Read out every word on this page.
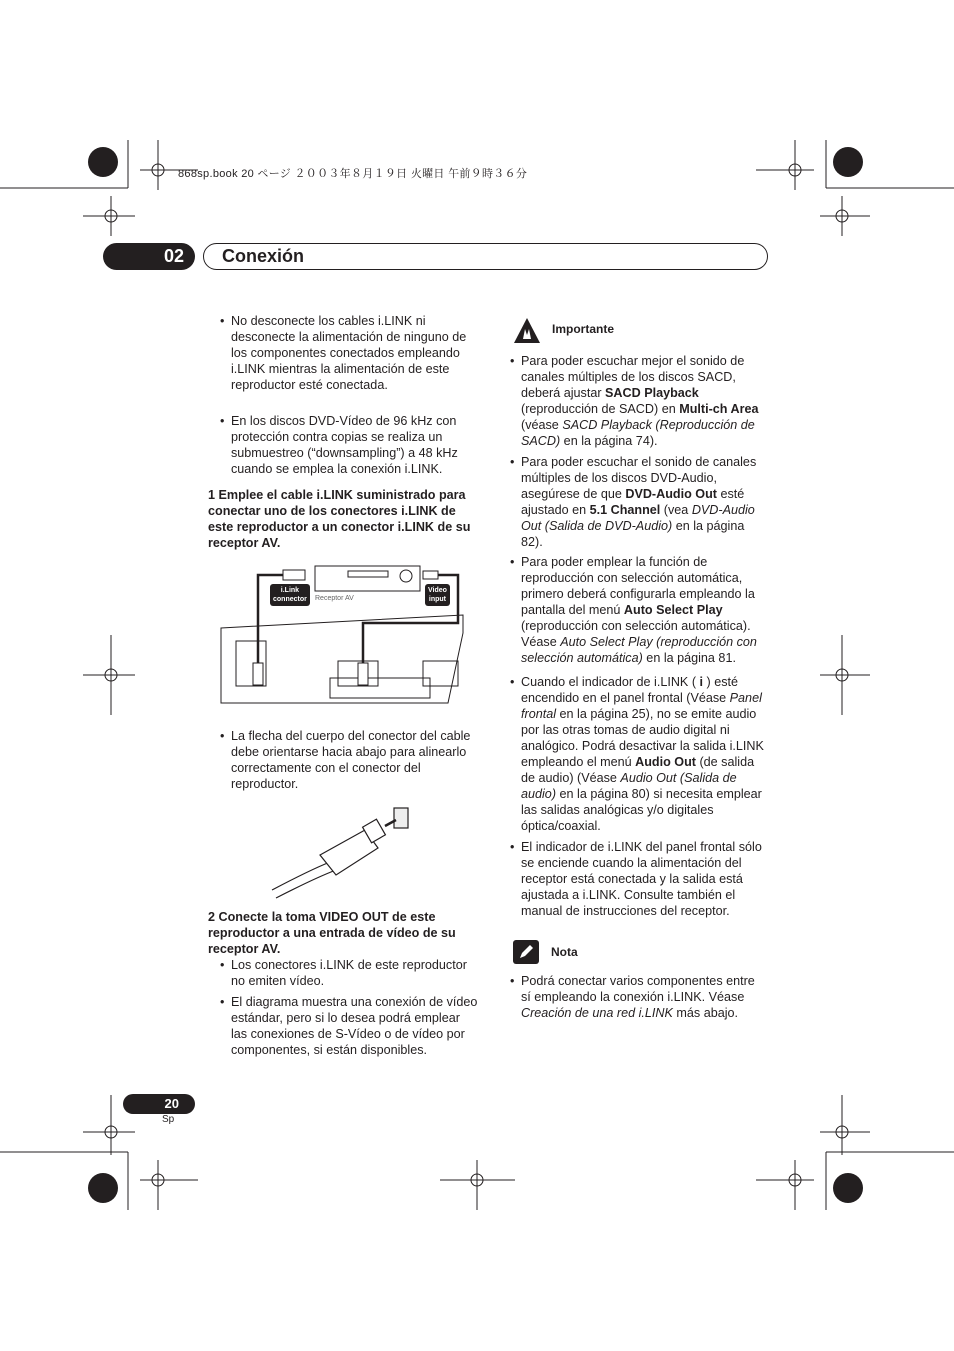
868sp.book 20 ページ ２００３年８月１９日 火曜日 午前９時３６分
02	Conexión
• No desconecte los cables i.LINK ni desconecte la alimentación de ninguno de los componentes conectados empleando i.LINK mientras la alimentación de este reproductor esté conectada.
• En los discos DVD-Vídeo de 96 kHz con protección contra copias se realiza un submuestreo (“downsampling”) a 48 kHz cuando se emplea la conexión i.LINK.
1 Emplee el cable i.LINK suministrado para conectar uno de los conectores i.LINK de este reproductor a un conector i.LINK de su receptor AV.
i.Link
connector Receptor AV
Video
input
• La flecha del cuerpo del conector del cable debe orientarse hacia abajo para alinearlo correctamente con el conector del reproductor.
2 Conecte la toma VIDEO OUT de este reproductor a una entrada de vídeo de su receptor AV.
• Los conectores i.LINK de este reproductor no emiten vídeo.
• El diagrama muestra una conexión de vídeo estándar, pero si lo desea podrá emplear las conexiones de S-Vídeo o de vídeo por componentes, si están disponibles.
Importante
• Para poder escuchar mejor el sonido de canales múltiples de los discos SACD, deberá ajustar SACD Playback (reproducción de SACD) en Multi-ch Area (véase SACD Playback (Reproducción de SACD) en la página 74).
• Para poder escuchar el sonido de canales múltiples de los discos DVD-Audio, asegúrese de que DVD-Audio Out esté ajustado en 5.1 Channel (vea DVD-Audio Out (Salida de DVD-Audio) en la página 82).
• Para poder emplear la función de reproducción con selección automática, primero deberá configurarla empleando la pantalla del menú Auto Select Play (reproducción con selección automática). Véase Auto Select Play (reproducción con selección automática) en la página 81.
• Cuando el indicador de i.LINK ( i ) esté encendido en el panel frontal (Véase Panel frontal en la página 25), no se emite audio por las otras tomas de audio digital ni analógico. Podrá desactivar la salida i.LINK empleando el menú Audio Out (de salida de audio) (Véase Audio Out (Salida de audio) en la página 80) si necesita emplear las salidas analógicas y/o digitales óptica/coaxial.
• El indicador de i.LINK del panel frontal sólo se enciende cuando la alimentación del receptor está conectada y la salida está ajustada a i.LINK. Consulte también el manual de instrucciones del receptor.
Nota
• Podrá conectar varios componentes entre sí empleando la conexión i.LINK. Véase Creación de una red i.LINK más abajo.
20
Sp
